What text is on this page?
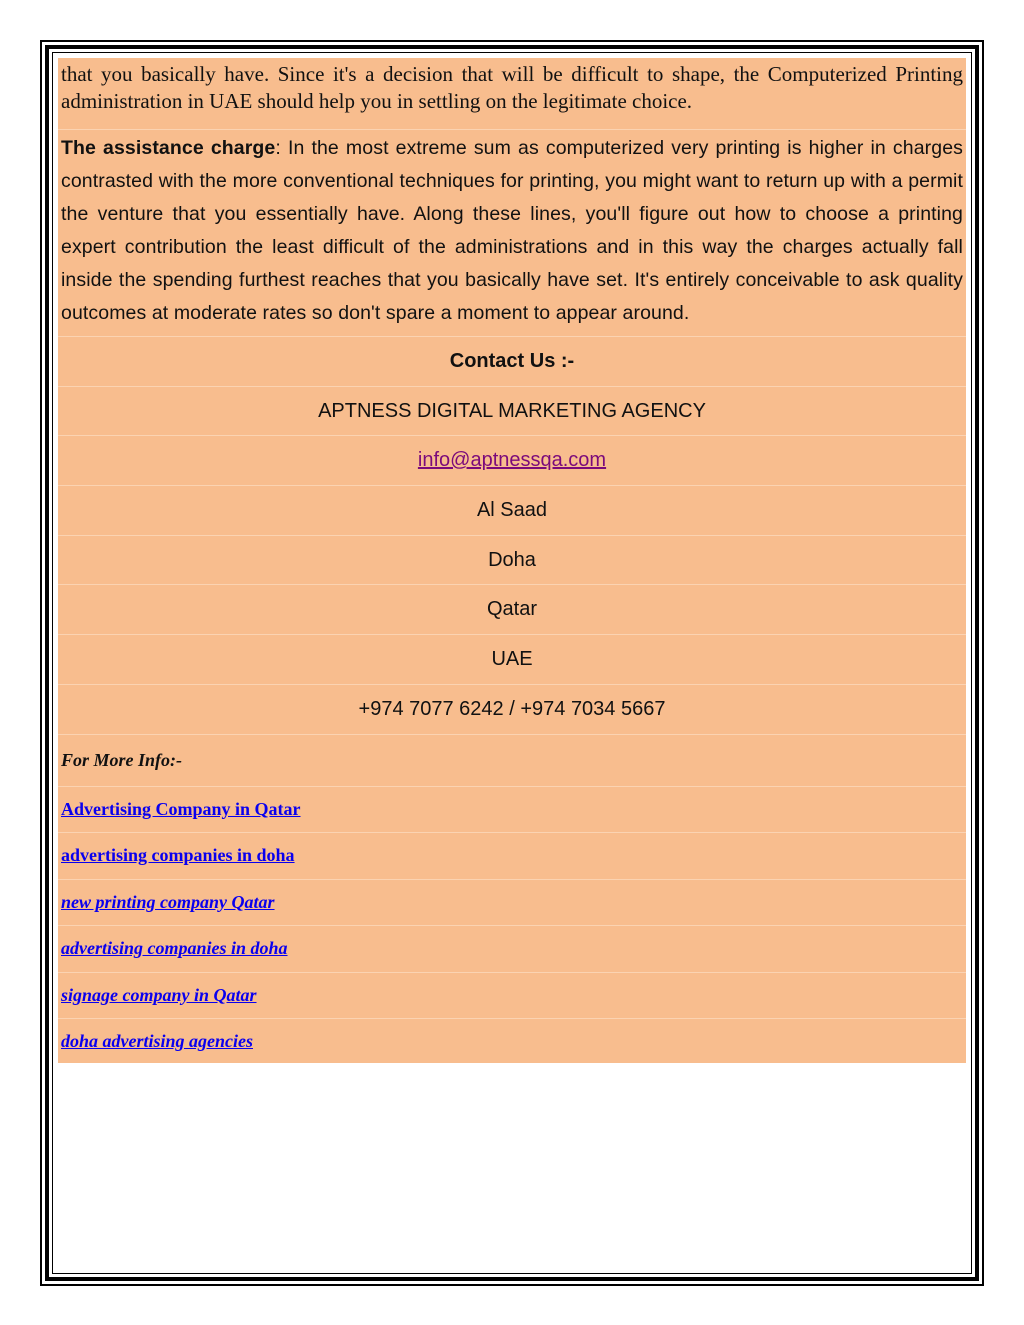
that you basically have. Since it's a decision that will be difficult to shape, the Computerized Printing administration in UAE should help you in settling on the legitimate choice.
The assistance charge: In the most extreme sum as computerized very printing is higher in charges contrasted with the more conventional techniques for printing, you might want to return up with a permit the venture that you essentially have. Along these lines, you'll figure out how to choose a printing expert contribution the least difficult of the administrations and in this way the charges actually fall inside the spending furthest reaches that you basically have set. It's entirely conceivable to ask quality outcomes at moderate rates so don't spare a moment to appear around.
Contact Us :-
APTNESS DIGITAL MARKETING AGENCY
info@aptnessqa.com
Al Saad
Doha
Qatar
UAE
+974 7077 6242 / +974 7034 5667
For More Info:-
Advertising Company in Qatar
advertising companies in doha
new printing company Qatar
advertising companies in doha
signage company in Qatar
doha advertising agencies
